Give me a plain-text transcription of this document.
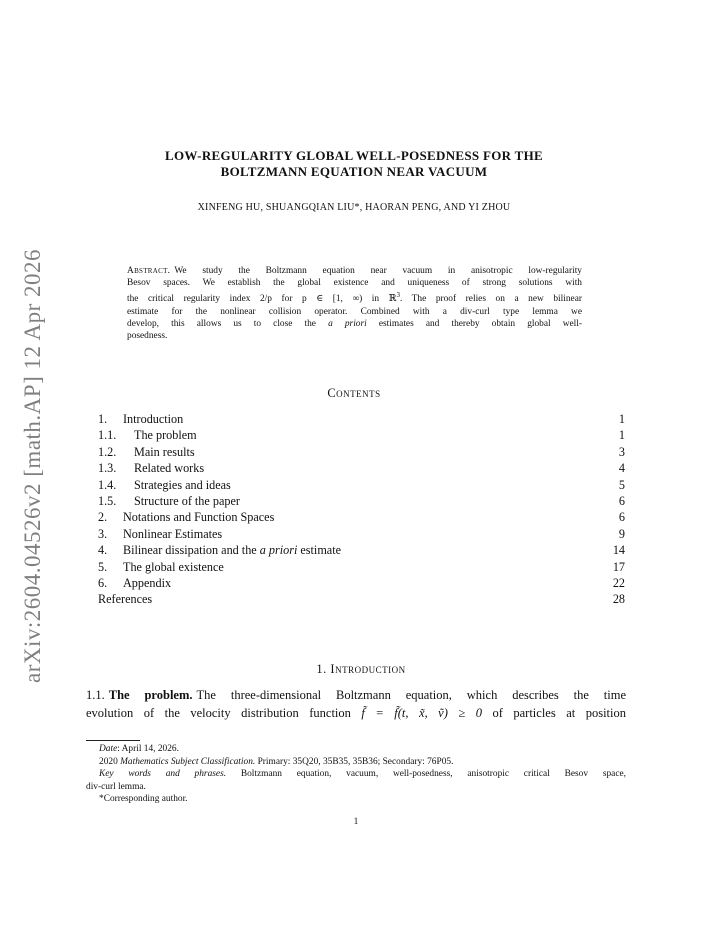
arXiv:2604.04526v2 [math.AP] 12 Apr 2026
LOW-REGULARITY GLOBAL WELL-POSEDNESS FOR THE
BOLTZMANN EQUATION NEAR VACUUM
XINFENG HU, SHUANGQIAN LIU*, HAORAN PENG, AND YI ZHOU
Abstract. We study the Boltzmann equation near vacuum in anisotropic low-regularity
Besov spaces. We establish the global existence and uniqueness of strong solutions with
the critical regularity index 2/p for p ∈ [1, ∞) in ℝ$^3$. The proof relies on a new bilinear
estimate for the nonlinear collision operator. Combined with a div-curl type lemma we
develop, this allows us to close the a priori estimates and thereby obtain global well-
posedness.
Contents
1. Introduction	1
1.1. The problem	1
1.2. Main results	3
1.3. Related works	4
1.4. Strategies and ideas	5
1.5. Structure of the paper	6
2. Notations and Function Spaces	6
3. Nonlinear Estimates	9
4. Bilinear dissipation and the a priori estimate	14
5. The global existence	17
6. Appendix	22
References	28
1. Introduction
1.1. The problem. The three-dimensional Boltzmann equation, which describes the time
evolution of the velocity distribution function f̃ = f̃(t, x̃, ṽ) ≥ 0 of particles at position
Date: April 14, 2026.
2020 Mathematics Subject Classification. Primary: 35Q20, 35B35, 35B36; Secondary: 76P05.
Key words and phrases. Boltzmann equation, vacuum, well-posedness, anisotropic critical Besov space,
div-curl lemma.
*Corresponding author.
1
